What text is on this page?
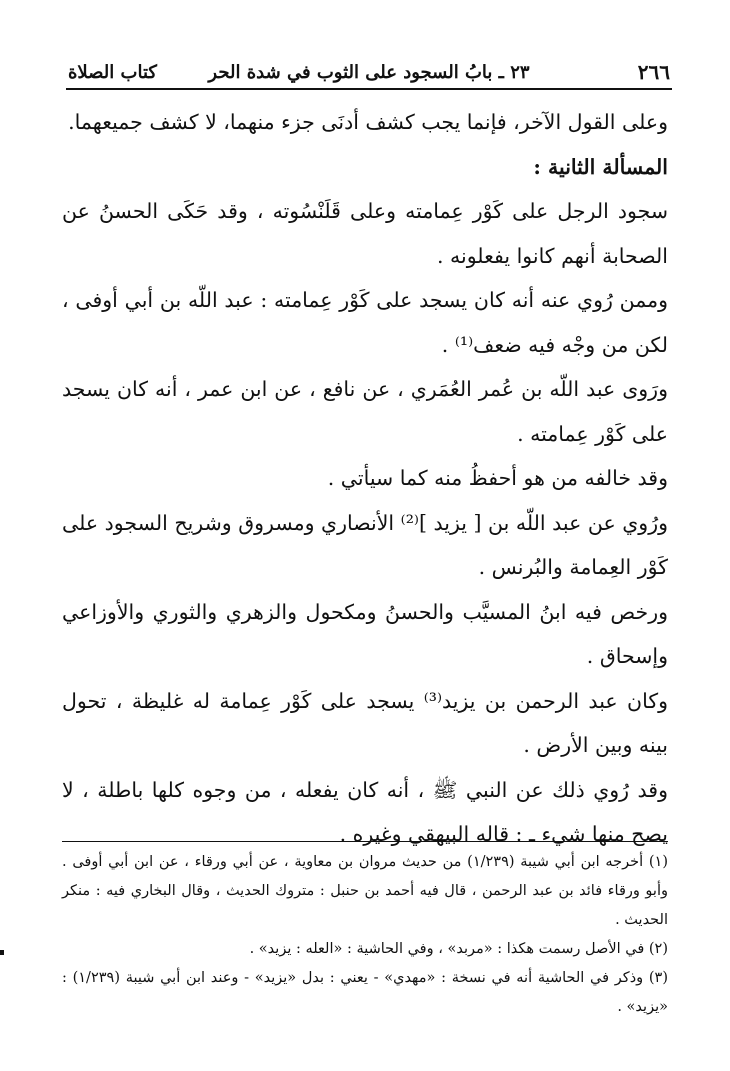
٢٦٦
٢٣ ـ بابُ السجود على الثوب في شدة الحر
كتاب الصلاة

وعلى القول الآخر، فإنما يجب كشف أدنَى جزء منهما، لا كشف جميعهما.

المسألة الثانية :

سجود الرجل على كَوْر عِمامته وعلى قَلَنْسُوته ، وقد حَكَى الحسنُ عن الصحابة أنهم كانوا يفعلونه .

وممن رُوي عنه أنه كان يسجد على كَوْر عِمامته : عبد اللّه بن أبي أوفى ، لكن من وجْه فيه ضعف⁽¹⁾ .

ورَوى عبد اللّه بن عُمر العُمَري ، عن نافع ، عن ابن عمر ، أنه كان يسجد على كَوْر عِمامته .

وقد خالفه من هو أحفظُ منه كما سيأتي .

ورُوي عن عبد اللّه بن [ يزيد ]⁽²⁾ الأنصاري ومسروق وشريح السجود على كَوْر العِمامة والبُرنس .

ورخص فيه ابنُ المسيَّب والحسنُ ومكحول والزهري والثوري والأوزاعي وإسحاق .

وكان عبد الرحمن بن يزيد⁽³⁾ يسجد على كَوْر عِمامة له غليظة ، تحول بينه وبين الأرض .

وقد رُوي ذلك عن النبي ﷺ ، أنه كان يفعله ، من وجوه كلها باطلة ، لا يصح منها شيء ـ : قاله البيهقي وغيره .

(١) أخرجه ابن أبي شيبة (١/٢٣٩) من حديث مروان بن معاوية ، عن أبي ورقاء ، عن ابن أبي أوفى . وأبو ورقاء فائد بن عبد الرحمن ، قال فيه أحمد بن حنبل : متروك الحديث ، وقال البخاري فيه : منكر الحديث .

(٢) في الأصل رسمت هكذا : «مربد» ، وفي الحاشية : «العله : يزيد» .

(٣) وذكر في الحاشية أنه في نسخة : «مهدي» - يعني : بدل «يزيد» - وعند ابن أبي شيبة (١/٢٣٩) : «يزيد» .
